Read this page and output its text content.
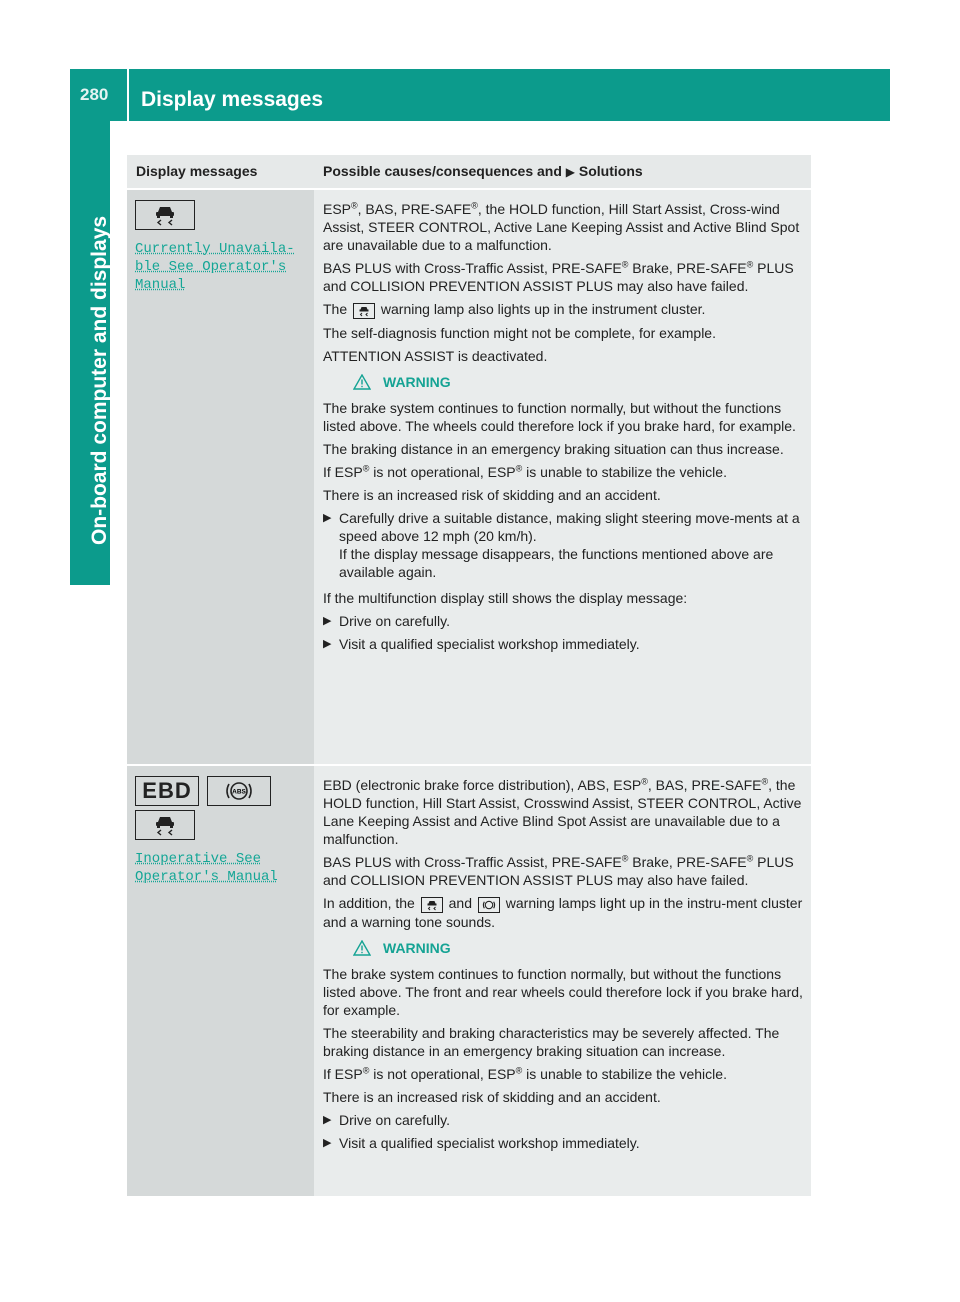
280 Display messages
On-board computer and displays
Display messages	Possible causes/consequences and ▶ Solutions
Currently Unavaila‐
ble See Operator's
Manual

ESP®, BAS, PRE-SAFE®, the HOLD function, Hill Start Assist, Cross-wind Assist, STEER CONTROL, Active Lane Keeping Assist and Active Blind Spot are unavailable due to a malfunction.

BAS PLUS with Cross-Traffic Assist, PRE-SAFE® Brake, PRE-SAFE® PLUS and COLLISION PREVENTION ASSIST PLUS may also have failed.

The warning lamp also lights up in the instrument cluster.

The self-diagnosis function might not be complete, for example.

ATTENTION ASSIST is deactivated.

WARNING

The brake system continues to function normally, but without the functions listed above. The wheels could therefore lock if you brake hard, for example.

The braking distance in an emergency braking situation can thus increase.

If ESP® is not operational, ESP® is unable to stabilize the vehicle.

There is an increased risk of skidding and an accident.

▶ Carefully drive a suitable distance, making slight steering move-ments at a speed above 12 mph (20 km/h).
If the display message disappears, the functions mentioned above are available again.

If the multifunction display still shows the display message:

▶ Drive on carefully.
▶ Visit a qualified specialist workshop immediately.
EBD
	ABS
Inoperative See
Operator's Manual

EBD (electronic brake force distribution), ABS, ESP®, BAS, PRE-SAFE®, the HOLD function, Hill Start Assist, Crosswind Assist, STEER CONTROL, Active Lane Keeping Assist and Active Blind Spot Assist are unavailable due to a malfunction.

BAS PLUS with Cross-Traffic Assist, PRE-SAFE® Brake, PRE-SAFE® PLUS and COLLISION PREVENTION ASSIST PLUS may also have failed.

In addition, the and warning lamps light up in the instru-ment cluster and a warning tone sounds.

WARNING

The brake system continues to function normally, but without the functions listed above. The front and rear wheels could therefore lock if you brake hard, for example.

The steerability and braking characteristics may be severely affected. The braking distance in an emergency braking situation can increase.

If ESP® is not operational, ESP® is unable to stabilize the vehicle.

There is an increased risk of skidding and an accident.

▶ Drive on carefully.
▶ Visit a qualified specialist workshop immediately.
